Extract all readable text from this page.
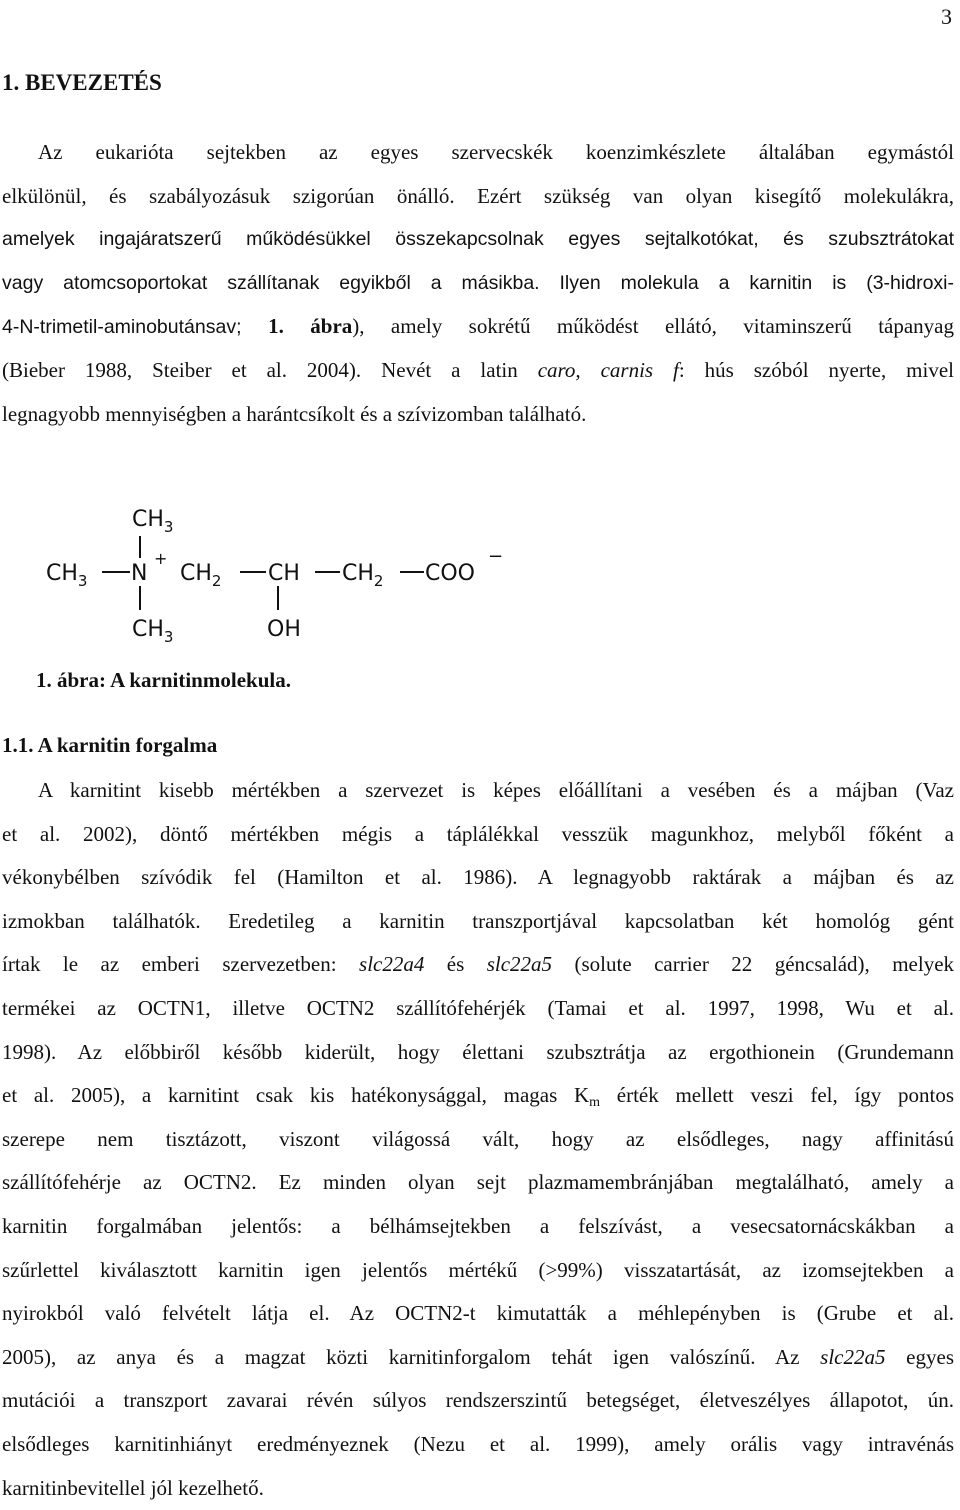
3
1. BEVEZETÉS
Az eukarióta sejtekben az egyes szervecskék koenzimkészlete általában egymástól
elkülönül, és szabályozásuk szigorúan önálló. Ezért szükség van olyan kisegítő molekulákra,
amelyek ingajáratszerű működésükkel összekapcsolnak egyes sejtalkotókat, és szubsztrátokat
vagy atomcsoportokat szállítanak egyikből a másikba. Ilyen molekula a karnitin is (3-hidroxi-
4-N-trimetil-aminobutánsav; 1. ábra), amely sokrétű működést ellátó, vitaminszerű tápanyag
(Bieber 1988, Steiber et al. 2004). Nevét a latin caro, carnis f: hús szóból nyerte, mivel
legnagyobb mennyiségben a harántcsíkolt és a szívizomban található.
$CH_3$
$CH_3$ N
+
$CH_2$ CH $CH_2$ COO
−
$CH_3$	OH

1. ábra: A karnitinmolekula.

1.1. A karnitin forgalma
A karnitint kisebb mértékben a szervezet is képes előállítani a vesében és a májban (Vaz
et al. 2002), döntő mértékben mégis a táplálékkal vesszük magunkhoz, melyből főként a
vékonybélben szívódik fel (Hamilton et al. 1986). A legnagyobb raktárak a májban és az
izmokban találhatók. Eredetileg a karnitin transzportjával kapcsolatban két homológ gént
írtak le az emberi szervezetben: slc22a4 és slc22a5 (solute carrier 22 géncsalád), melyek
termékei az OCTN1, illetve OCTN2 szállítófehérjék (Tamai et al. 1997, 1998, Wu et al.
1998). Az előbbiről később kiderült, hogy élettani szubsztrátja az ergothionein (Grundemann
et al. 2005), a karnitint csak kis hatékonysággal, magas $K_m$ érték mellett veszi fel, így pontos
szerepe nem tisztázott, viszont világossá vált, hogy az elsődleges, nagy affinitású
szállítófehérje az OCTN2. Ez minden olyan sejt plazmamembránjában megtalálható, amely a
karnitin forgalmában jelentős: a bélhámsejtekben a felszívást, a vesecsatornácskákban a
szűrlettel kiválasztott karnitin igen jelentős mértékű (>99%) visszatartását, az izomsejtekben a
nyirokból való felvételt látja el. Az OCTN2-t kimutatták a méhlepényben is (Grube et al.
2005), az anya és a magzat közti karnitinforgalom tehát igen valószínű. Az slc22a5 egyes
mutációi a transzport zavarai révén súlyos rendszerszintű betegséget, életveszélyes állapotot, ún.
elsődleges karnitinhiányt eredményeznek (Nezu et al. 1999), amely orális vagy intravénás
karnitinbevitellel jól kezelhető.
